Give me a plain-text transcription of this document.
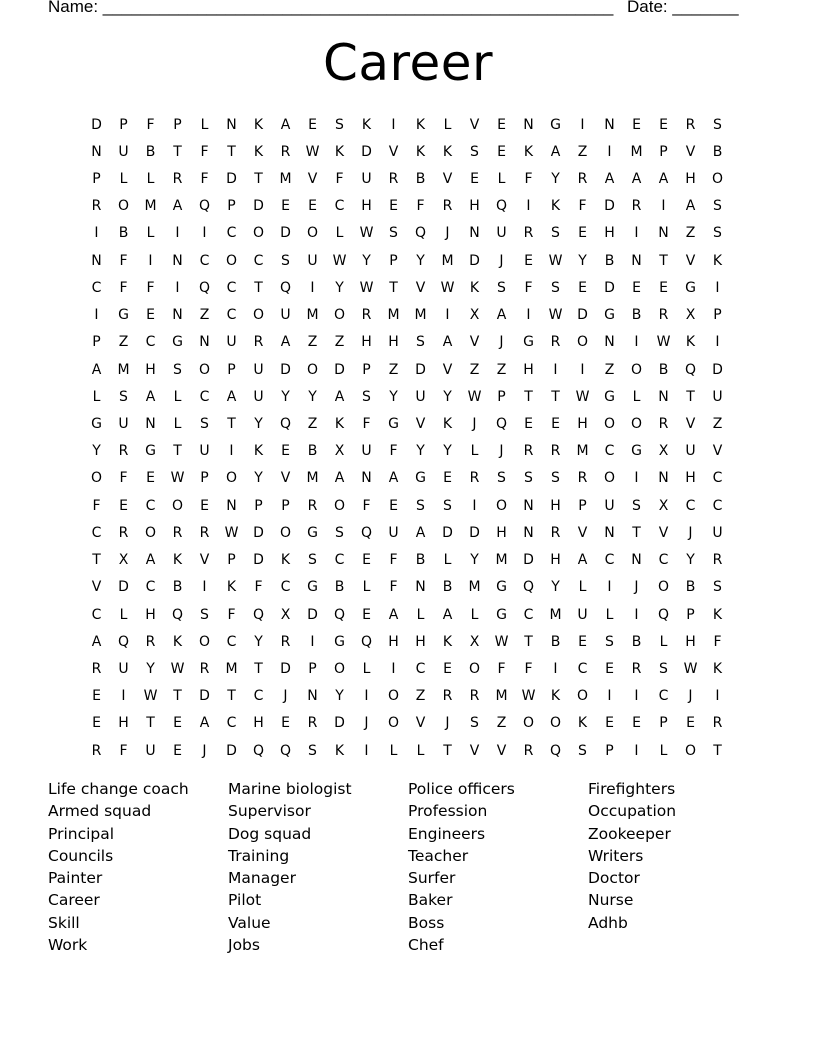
Name: ______________________________________________________ Date: _______
Career
D	P	F	P	L	N	K	A	E	S	K	I	K	L	V	E	N	G	I	N	E	E	R	S
N	U	B	T	F	T	K	R	W	K	D	V	K	K	S	E	K	A	Z	I	M	P	V	B
P	L	L	R	F	D	T	M	V	F	U	R	B	V	E	L	F	Y	R	A	A	A	H	O
R	O	M	A	Q	P	D	E	E	C	H	E	F	R	H	Q	I	K	F	D	R	I	A	S
I	B	L	I	I	C	O	D	O	L	W	S	Q	J	N	U	R	S	E	H	I	N	Z	S
N	F	I	N	C	O	C	S	U	W	Y	P	Y	M	D	J	E	W	Y	B	N	T	V	K
C	F	F	I	Q	C	T	Q	I	Y	W	T	V	W	K	S	F	S	E	D	E	E	G	I
I	G	E	N	Z	C	O	U	M	O	R	M	M	I	X	A	I	W	D	G	B	R	X	P
P	Z	C	G	N	U	R	A	Z	Z	H	H	S	A	V	J	G	R	O	N	I	W	K	I
A	M	H	S	O	P	U	D	O	D	P	Z	D	V	Z	Z	H	I	I	Z	O	B	Q	D
L	S	A	L	C	A	U	Y	Y	A	S	Y	U	Y	W	P	T	T	W	G	L	N	T	U
G	U	N	L	S	T	Y	Q	Z	K	F	G	V	K	J	Q	E	E	H	O	O	R	V	Z
Y	R	G	T	U	I	K	E	B	X	U	F	Y	Y	L	J	R	R	M	C	G	X	U	V
O	F	E	W	P	O	Y	V	M	A	N	A	G	E	R	S	S	S	R	O	I	N	H	C
F	E	C	O	E	N	P	P	R	O	F	E	S	S	I	O	N	H	P	U	S	X	C	C
C	R	O	R	R	W	D	O	G	S	Q	U	A	D	D	H	N	R	V	N	T	V	J	U
T	X	A	K	V	P	D	K	S	C	E	F	B	L	Y	M	D	H	A	C	N	C	Y	R
V	D	C	B	I	K	F	C	G	B	L	F	N	B	M	G	Q	Y	L	I	J	O	B	S
C	L	H	Q	S	F	Q	X	D	Q	E	A	L	A	L	G	C	M	U	L	I	Q	P	K
A	Q	R	K	O	C	Y	R	I	G	Q	H	H	K	X	W	T	B	E	S	B	L	H	F
R	U	Y	W	R	M	T	D	P	O	L	I	C	E	O	F	F	I	C	E	R	S	W	K
E	I	W	T	D	T	C	J	N	Y	I	O	Z	R	R	M	W	K	O	I	I	C	J	I
E	H	T	E	A	C	H	E	R	D	J	O	V	J	S	Z	O	O	K	E	E	P	E	R
R	F	U	E	J	D	Q	Q	S	K	I	L	L	T	V	V	R	Q	S	P	I	L	O	T
Life change coach
Armed squad
Principal
Councils
Painter
Career
Skill
Work
Marine biologist
Supervisor
Dog squad
Training
Manager
Pilot
Value
Jobs
Police officers
Profession
Engineers
Teacher
Surfer
Baker
Boss
Chef
Firefighters
Occupation
Zookeeper
Writers
Doctor
Nurse
Adhb
